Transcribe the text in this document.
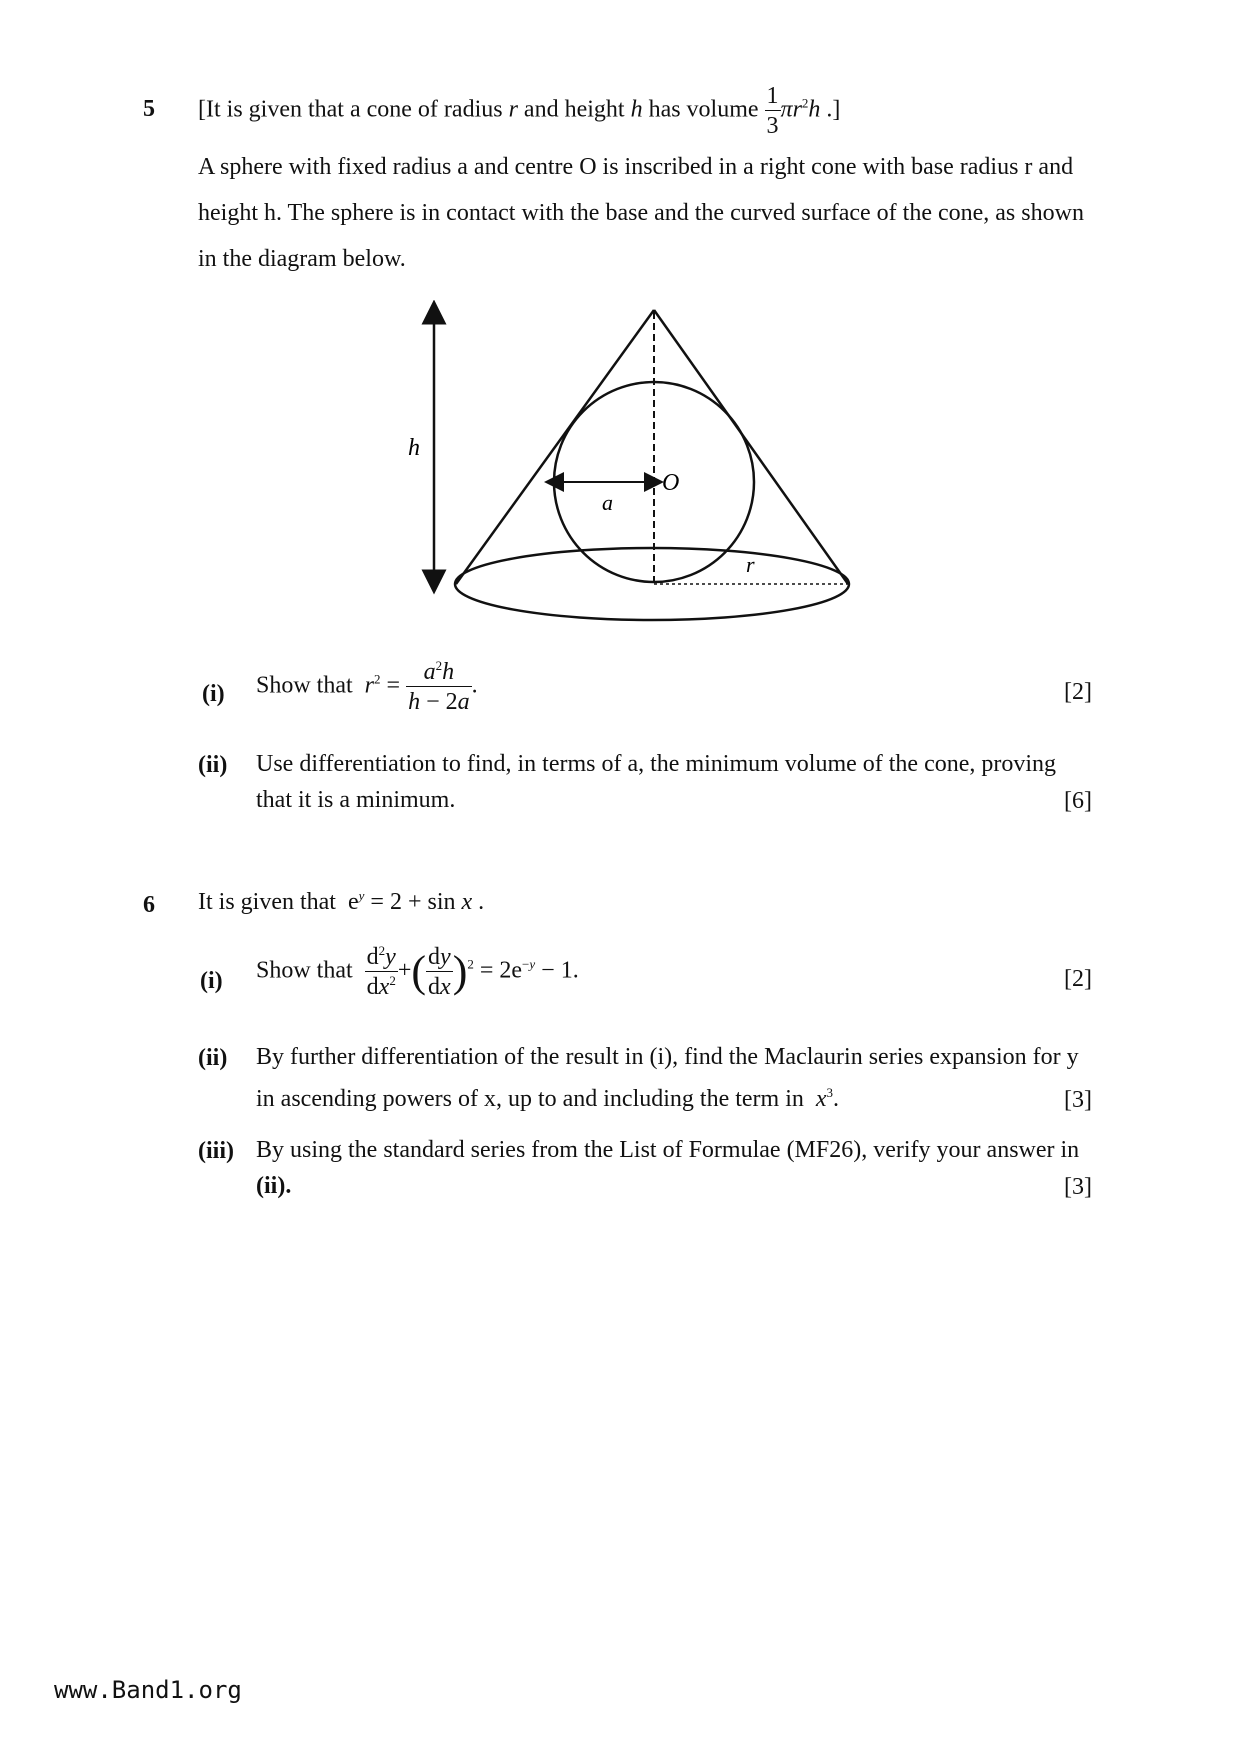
5 [It is given that a cone of radius r and height h has volume $\frac{1}{3} \pi r^2h$ .]
A sphere with fixed radius a and centre O is inscribed in a right cone with base radius r and
height h. The sphere is in contact with the base and the curved surface of the cone, as shown
in the diagram below.
h
a
O
r
(i) Show that $r^2 = \frac{a^2h}{h - 2a}$ .	[2]
(ii) Use differentiation to find, in terms of a, the minimum volume of the cone, proving
that it is a minimum.	[6]
6 It is given that  $e^y = 2 + \sin x$ .
(i) Show that $\frac{d^2y}{dx^2}$ +( $\frac{dy}{dx} )^2 = 2e^{-y} - 1$.	[2]
(ii) By further differentiation of the result in (i), find the Maclaurin series expansion for y
in ascending powers of x, up to and including the term in $x^3$.	[3]
(iii) By using the standard series from the List of Formulae (MF26), verify your answer in
(ii).	[3]
www.Band1.org
